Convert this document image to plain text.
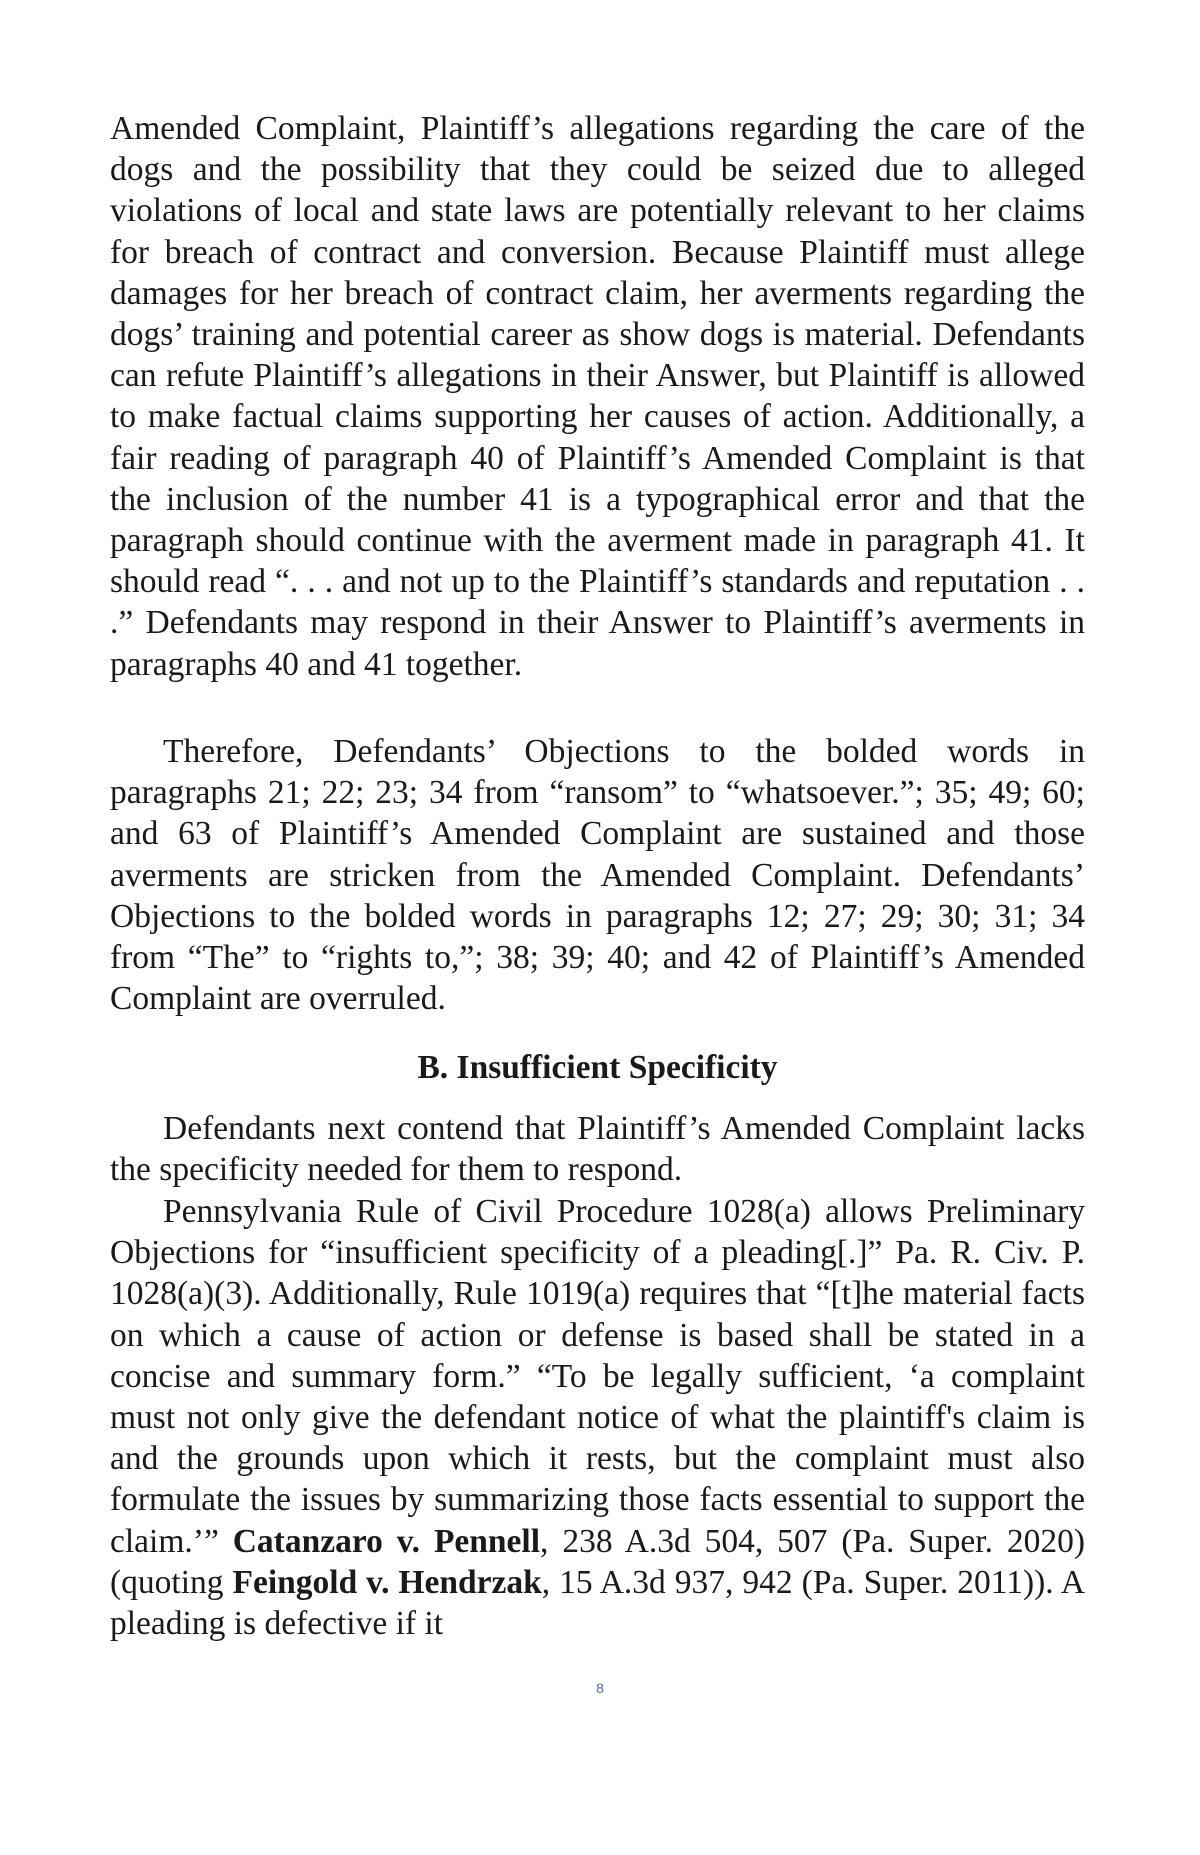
Amended Complaint, Plaintiff’s allegations regarding the care of the dogs and the possibility that they could be seized due to alleged violations of local and state laws are potentially relevant to her claims for breach of contract and conversion. Because Plaintiff must allege damages for her breach of contract claim, her averments regarding the dogs’ training and potential career as show dogs is material. Defendants can refute Plaintiff’s allegations in their Answer, but Plaintiff is allowed to make factual claims supporting her causes of action. Additionally, a fair reading of paragraph 40 of Plaintiff’s Amended Complaint is that the inclusion of the number 41 is a typographical error and that the paragraph should continue with the averment made in paragraph 41. It should read “. . . and not up to the Plaintiff’s standards and reputation . . .” Defendants may respond in their Answer to Plaintiff’s averments in paragraphs 40 and 41 together.

Therefore, Defendants’ Objections to the bolded words in paragraphs 21; 22; 23; 34 from “ransom” to “whatsoever.”; 35; 49; 60; and 63 of Plaintiff’s Amended Complaint are sustained and those averments are stricken from the Amended Complaint. Defendants’ Objections to the bolded words in paragraphs 12; 27; 29; 30; 31; 34 from “The” to “rights to,”; 38; 39; 40; and 42 of Plaintiff’s Amended Complaint are overruled.

B. Insufficient Specificity

Defendants next contend that Plaintiff’s Amended Complaint lacks the specificity needed for them to respond.

Pennsylvania Rule of Civil Procedure 1028(a) allows Preliminary Objections for “insufficient specificity of a pleading[.]” Pa. R. Civ. P. 1028(a)(3). Additionally, Rule 1019(a) requires that “[t]he material facts on which a cause of action or defense is based shall be stated in a concise and summary form.” “To be legally sufficient, ‘a complaint must not only give the defendant notice of what the plaintiff's claim is and the grounds upon which it rests, but the complaint must also formulate the issues by summarizing those facts essential to support the claim.’” Catanzaro v. Pennell, 238 A.3d 504, 507 (Pa. Super. 2020) (quoting Feingold v. Hendrzak, 15 A.3d 937, 942 (Pa. Super. 2011)). A pleading is defective if it

8
